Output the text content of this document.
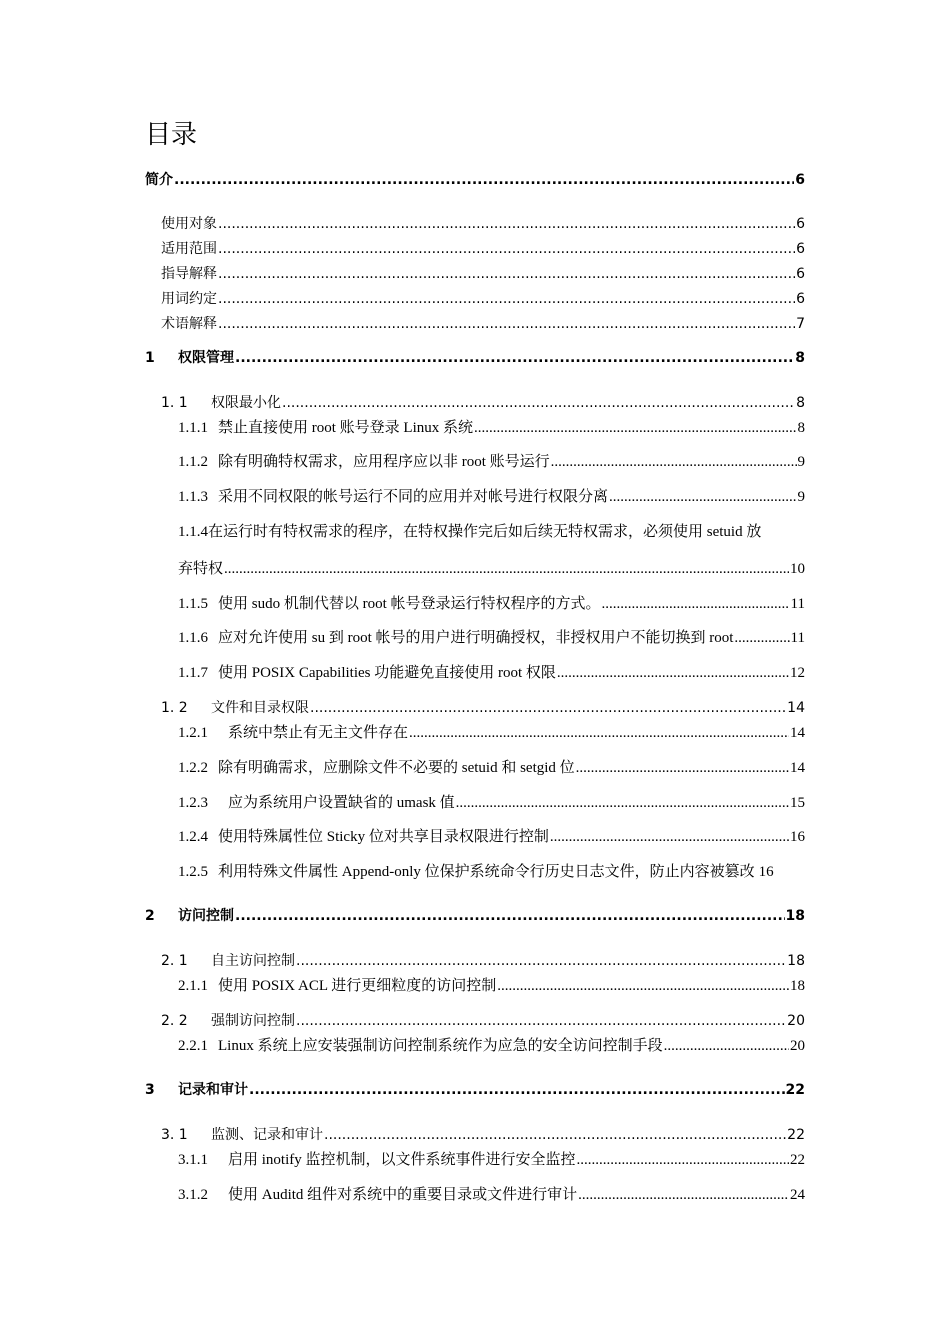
目录
简介 .....	6
使用对象 .....	6
适用范围 .....	6
指导解释 .....	6
用词约定 .....	6
术语解释 .....	7
1 权限管理 .....	8
1. 1 权限最小化 .....	8
1.1.1 禁止直接使用 root 账号登录 Linux 系统 .....	8
1.1.2 除有明确特权需求，应用程序应以非 root 账号运行 .....	9
1.1.3 采用不同权限的帐号运行不同的应用并对帐号进行权限分离 .....	9
1.1.4在运行时有特权需求的程序，在特权操作完后如后续无特权需求，必须使用 setuid 放
弃特权 .....	10
1.1.5 使用 sudo 机制代替以 root 帐号登录运行特权程序的方式。 .....	11
1.1.6 应对允许使用 su 到 root 帐号的用户进行明确授权，非授权用户不能切换到 root .....	11
1.1.7 使用 POSIX Capabilities 功能避免直接使用 root 权限 .....	12
1. 2 文件和目录权限 .....	14
1.2.1 系统中禁止有无主文件存在 .....	14
1.2.2 除有明确需求，应删除文件不必要的 setuid 和 setgid 位 .....	14
1.2.3 应为系统用户设置缺省的 umask 值 .....	15
1.2.4 使用特殊属性位 Sticky 位对共享目录权限进行控制 .....	16
1.2.5 利用特殊文件属性 Append-only 位保护系统命令行历史日志文件，防止内容被篡改 16
2 访问控制 .....	18
2. 1 自主访问控制 .....	18
2.1.1 使用 POSIX ACL 进行更细粒度的访问控制 .....	18
2. 2 强制访问控制 .....	20
2.2.1 Linux 系统上应安装强制访问控制系统作为应急的安全访问控制手段 .....	20
3 记录和审计 .....	22
3. 1 监测、记录和审计 .....	22
3.1.1 启用 inotify 监控机制，以文件系统事件进行安全监控 .....	22
3.1.2 使用 Auditd 组件对系统中的重要目录或文件进行审计 .....	24
